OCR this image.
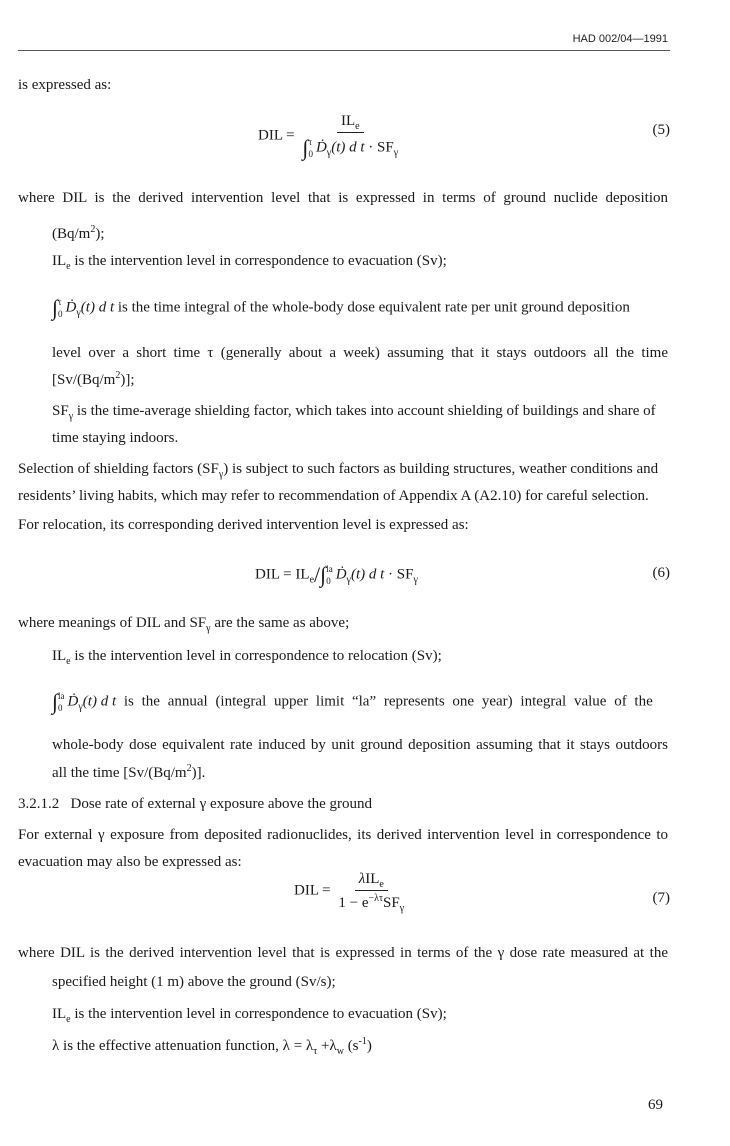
HAD 002/04—1991
is expressed as:
DIL = $IL_e$
∫ τ
0 Ḋ$_\gamma$(t) d $t \cdot SF_\gamma$	(5)
where DIL is the derived intervention level that is expressed in terms of ground nuclide deposition
$(Bq/m^2)$;
$IL_e$ is the intervention level in correspondence to evacuation (Sv);
∫ τ
0 Ḋ$_\gamma$(t) d t is the time integral of the whole-body dose equivalent rate per unit ground deposition
level over a short time τ (generally about a week) assuming that it stays outdoors all the time
$[Sv/(Bq/m^2)]$;
$SF_\gamma$ is the time-average shielding factor, which takes into account shielding of buildings and share of
time staying indoors.
Selection of shielding factors $(SF_\gamma)$ is subject to such factors as building structures, weather conditions and
residents’ living habits, which may refer to recommendation of Appendix A (A2.10) for careful selection.
For relocation, its corresponding derived intervention level is expressed as:
DIL = $IL_e/\int$ la
0 Ḋ$_\gamma$(t) d $t \cdot SF_\gamma$	(6)
where meanings of DIL and $SF_\gamma$ are the same as above;
$IL_e$ is the intervention level in correspondence to relocation (Sv);
∫ la
0 Ḋ$_\gamma$(t) d t is the annual (integral upper limit “la” represents one year) integral value of the
whole-body dose equivalent rate induced by unit ground deposition assuming that it stays outdoors
all the time $[Sv/(Bq/m^2)]$.
3.2.1.2   Dose rate of external γ exposure above the ground
For external γ exposure from deposited radionuclides, its derived intervention level in correspondence to
evacuation may also be expressed as:
DIL = $\frac{\lambda IL_e}{1 - e^{-\lambda\tau}SF_\gamma}$	(7)
where DIL is the derived intervention level that is expressed in terms of the γ dose rate measured at the
specified height (1 m) above the ground (Sv/s);
$IL_e$ is the intervention level in correspondence to evacuation (Sv);
λ is the effective attenuation function, $\lambda = \lambda_\tau +\lambda_w$ $(s^{-1})$
69
